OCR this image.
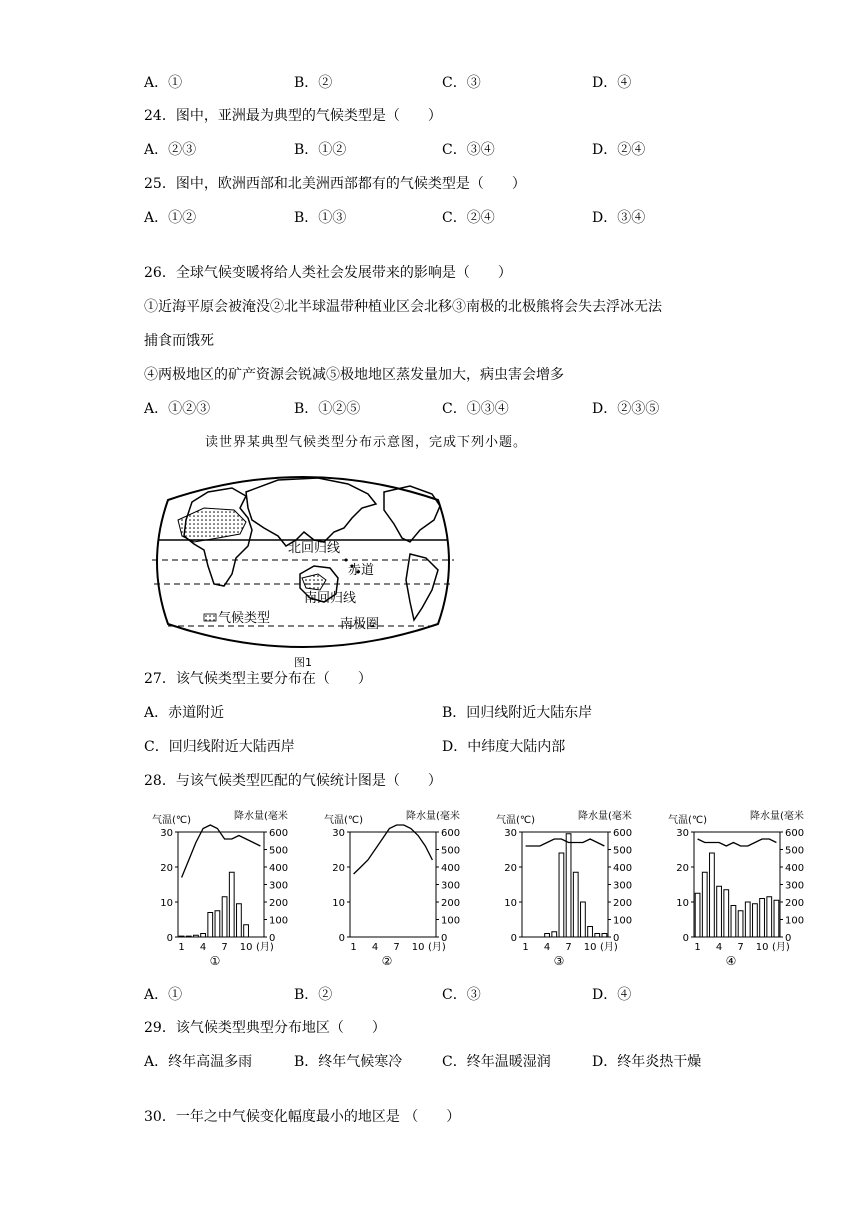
A．①	B．②	C．③	D．④
24．图中，亚洲最为典型的气候类型是（　　）
A．②③	B．①②	C．③④	D．②④
25．图中，欧洲西部和北美洲西部都有的气候类型是（　　）
A．①②	B．①③	C．②④	D．③④
26．全球气候变暖将给人类社会发展带来的影响是（　　）
①近海平原会被淹没②北半球温带种植业区会北移③南极的北极熊将会失去浮冰无法
捕食而饿死
④两极地区的矿产资源会锐减⑤极地地区蒸发量加大，病虫害会增多
A．①②③	B．①②⑤	C．①③④	D．②③⑤
读世界某典型气候类型分布示意图，完成下列小题。
北回归线
赤道
南回归线
气候类型	南极圈
图1
27．该气候类型主要分布在（　　）
A．赤道附近	B．回归线附近大陆东岸
C．回归线附近大陆西岸	D．中纬度大陆内部
28．与该气候类型匹配的气候统计图是（　　）
气温(℃)	降水量(毫米
0
10
20
30
0
100
200
300
400
500
600
1 4 7 10 (月)
①
气温(℃)	降水量(毫米
0
10
20
30
0
100
200
300
400
500
600
1 4 7 10 (月)
②
气温(℃)	降水量(毫米
0
10
20
30
0
100
200
300
400
500
600
1 4 7 10 (月)
③
气温(℃)	降水量(毫米
0
10
20
30
0
100
200
300
400
500
600
1 4 7 10 (月)
④
A．①	B．②	C．③	D．④
29．该气候类型典型分布地区（　　）
A．终年高温多雨	B．终年气候寒冷	C．终年温暖湿润	D．终年炎热干燥
30．一年之中气候变化幅度最小的地区是 （　　）
